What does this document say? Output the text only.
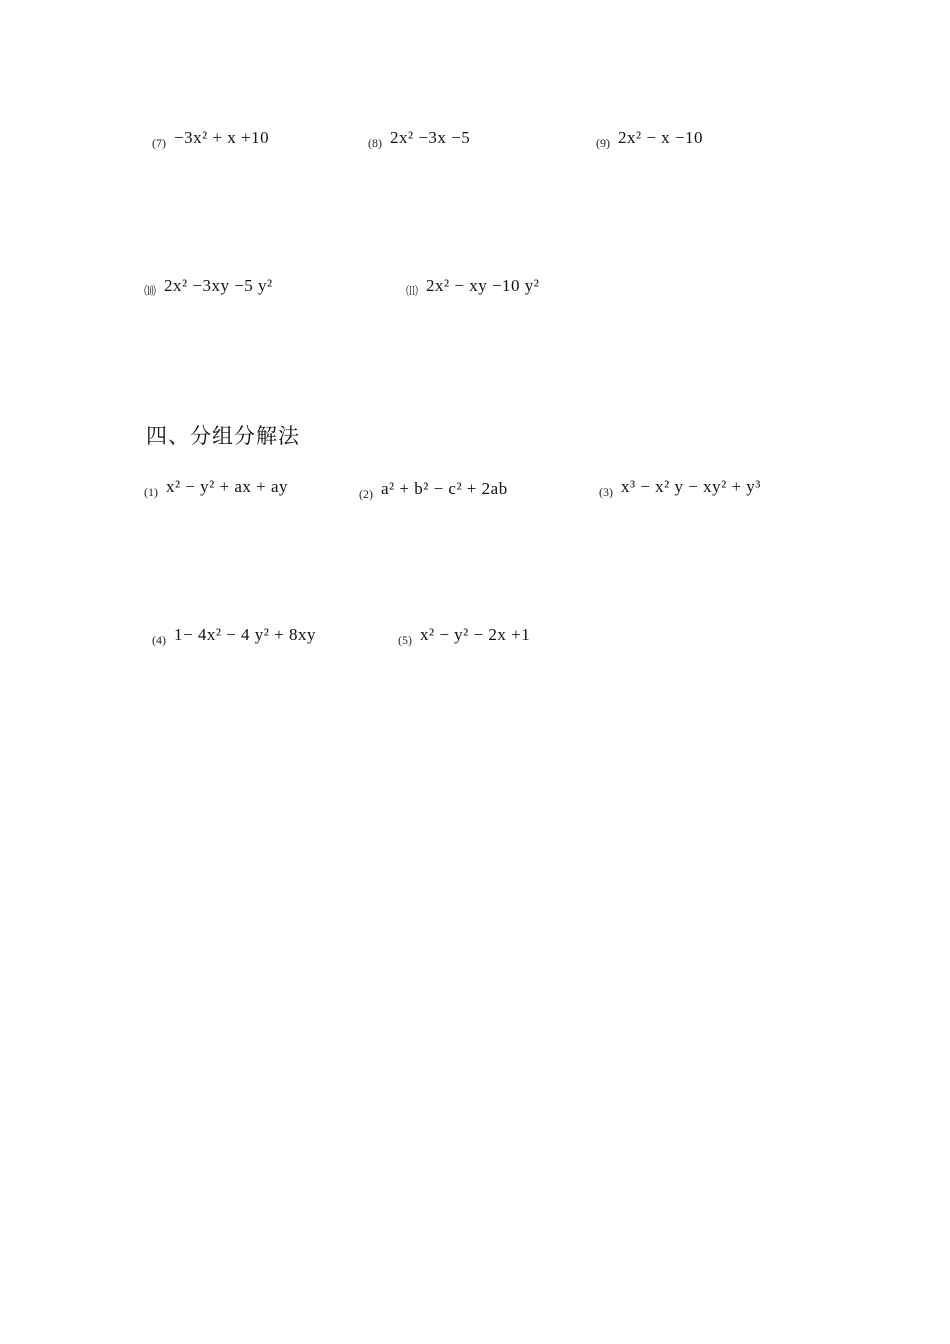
$_{(7)}$ −3x² + x +10	$_{(8)}$ 2x² −3x −5	$_{(9)}$ 2x² − x −10
$_⑽$ 2x² −3xy −5 y²	$_⑾$ 2x² − xy −10 y²
四、分组分解法
$_{(1)}$ x² − y² + ax + ay	$_{(2)}$ a² + b² − c² + 2ab	$_{(3)}$ x³ − x² y − xy² + y³
$_{(4)}$ 1− 4x² − 4 y² + 8xy	$_{(5)}$ x² − y² − 2x +1
